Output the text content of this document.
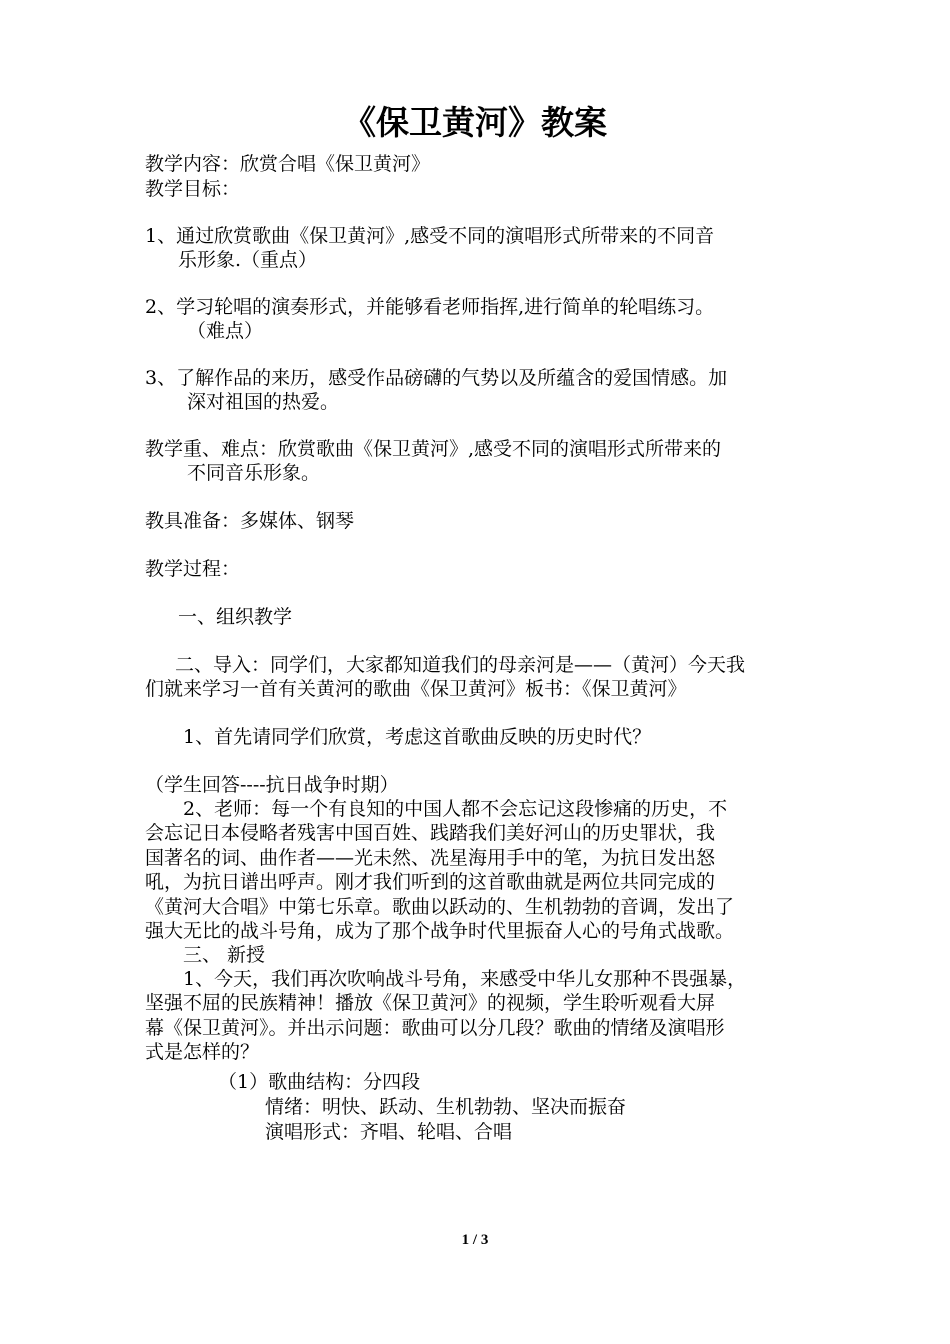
《保卫黄河》教案
教学内容：欣赏合唱《保卫黄河》
教学目标：
1、通过欣赏歌曲《保卫黄河》,感受不同的演唱形式所带来的不同音
乐形象.（重点）
2、学习轮唱的演奏形式，并能够看老师指挥,进行简单的轮唱练习。
（难点）
3、了解作品的来历，感受作品磅礴的气势以及所蕴含的爱国情感。加
深对祖国的热爱。
教学重、难点：欣赏歌曲《保卫黄河》,感受不同的演唱形式所带来的
不同音乐形象。
教具准备：多媒体、钢琴
教学过程：
一、组织教学
二、导入：同学们，大家都知道我们的母亲河是——（黄河）今天我
们就来学习一首有关黄河的歌曲《保卫黄河》板书：《保卫黄河》
1、首先请同学们欣赏，考虑这首歌曲反映的历史时代？
（学生回答----抗日战争时期）
2、老师：每一个有良知的中国人都不会忘记这段惨痛的历史，不
会忘记日本侵略者残害中国百姓、践踏我们美好河山的历史罪状，我
国著名的词、曲作者——光未然、冼星海用手中的笔，为抗日发出怒
吼，为抗日谱出呼声。刚才我们听到的这首歌曲就是两位共同完成的
《黄河大合唱》中第七乐章。歌曲以跃动的、生机勃勃的音调，发出了
强大无比的战斗号角，成为了那个战争时代里振奋人心的号角式战歌。
三、 新授
1、今天，我们再次吹响战斗号角，来感受中华儿女那种不畏强暴，
坚强不屈的民族精神！播放《保卫黄河》的视频，学生聆听观看大屏
幕《保卫黄河》。并出示问题：歌曲可以分几段？歌曲的情绪及演唱形
式是怎样的？
（1）歌曲结构：分四段
情绪：明快、跃动、生机勃勃、坚决而振奋
演唱形式：齐唱、轮唱、合唱
1 / 3
